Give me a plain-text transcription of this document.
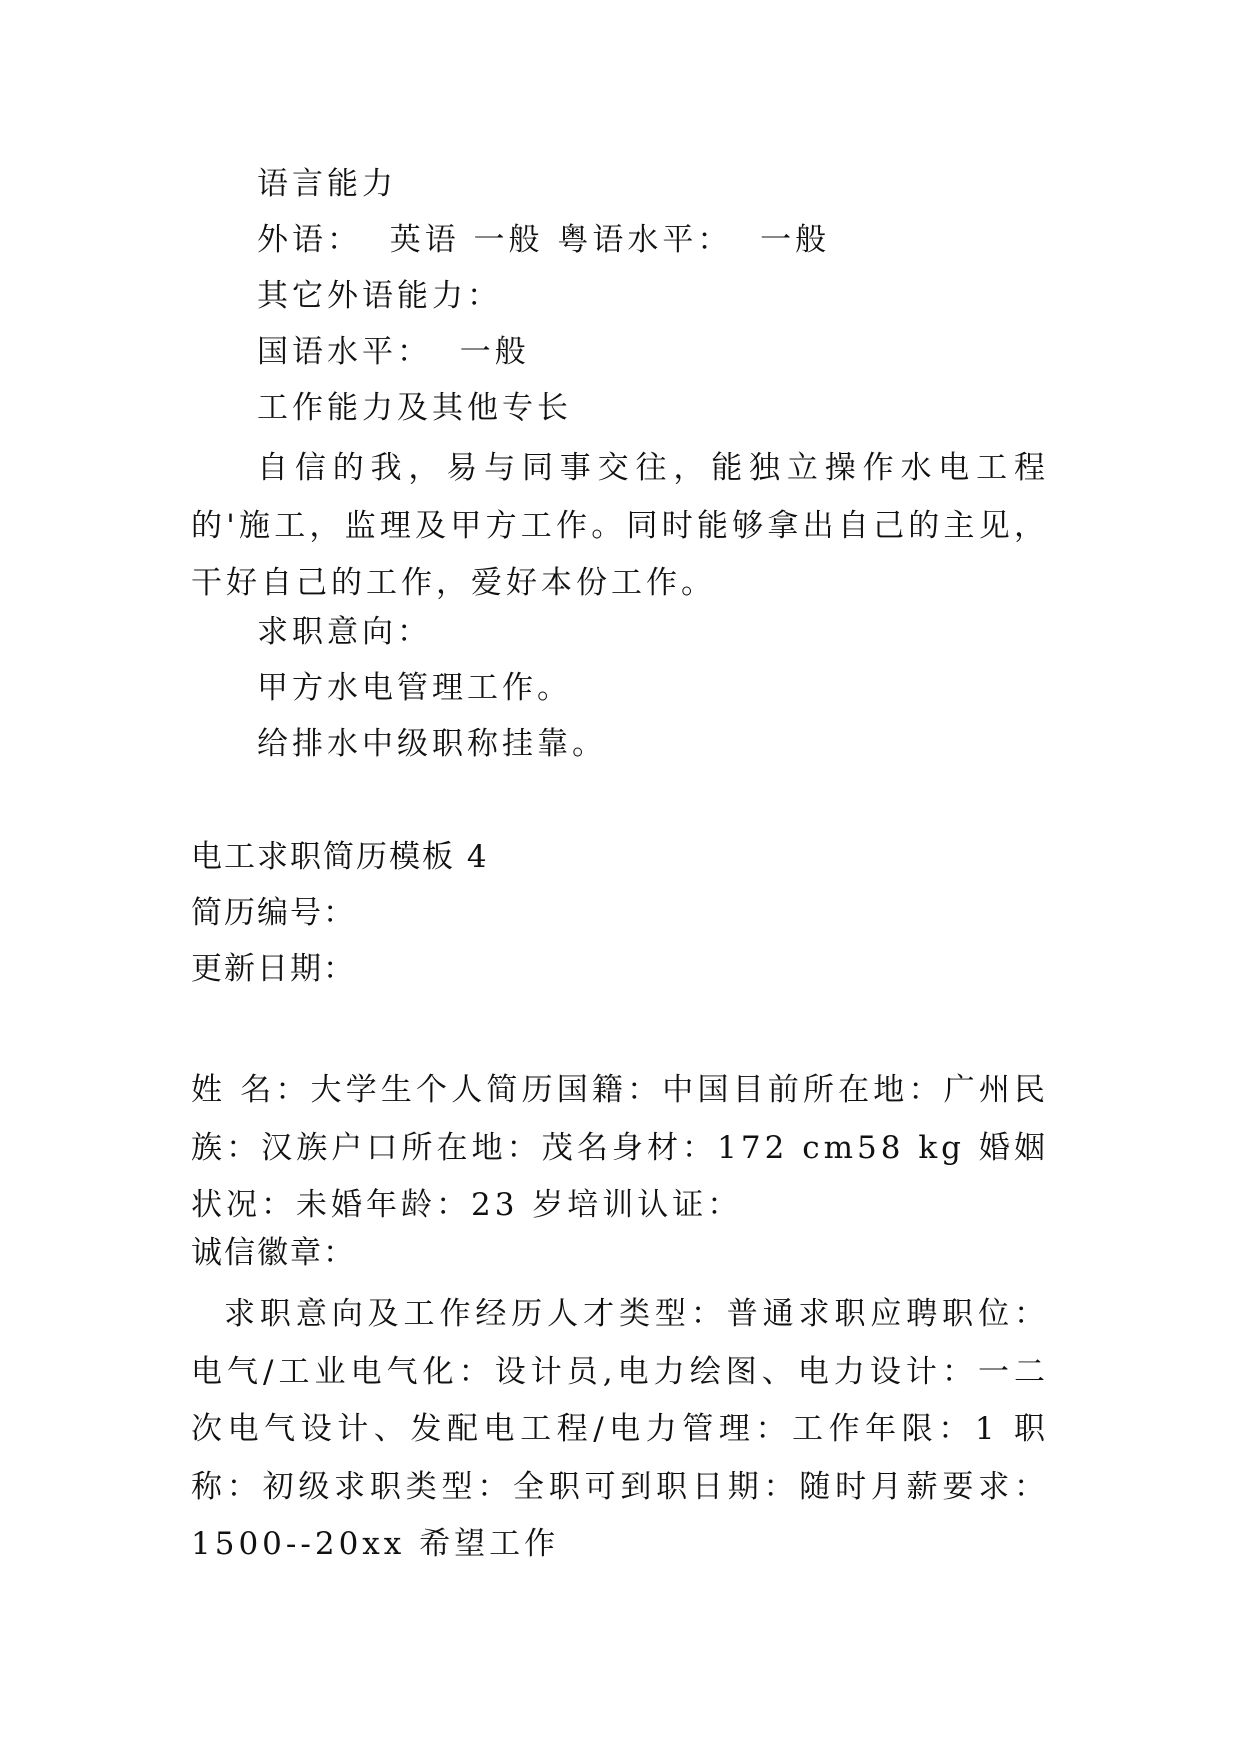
语言能力
外语：  英语 一般 粤语水平：  一般
其它外语能力：
国语水平：  一般
工作能力及其他专长
自信的我，易与同事交往，能独立操作水电工程的'施工，监理及甲方工作。同时能够拿出自己的主见，干好自己的工作，爱好本份工作。
求职意向：
甲方水电管理工作。
给排水中级职称挂靠。
电工求职简历模板 4
简历编号：
更新日期：
姓 名：大学生个人简历国籍：中国目前所在地：广州民族：汉族户口所在地：茂名身材：172 cm58 kg 婚姻状况：未婚年龄：23 岁培训认证：
诚信徽章：
求职意向及工作经历人才类型：普通求职应聘职位：电气/工业电气化：设计员,电力绘图、电力设计：一二次电气设计、发配电工程/电力管理：工作年限：1 职称：初级求职类型：全职可到职日期：随时月薪要求：1500--20xx 希望工作
